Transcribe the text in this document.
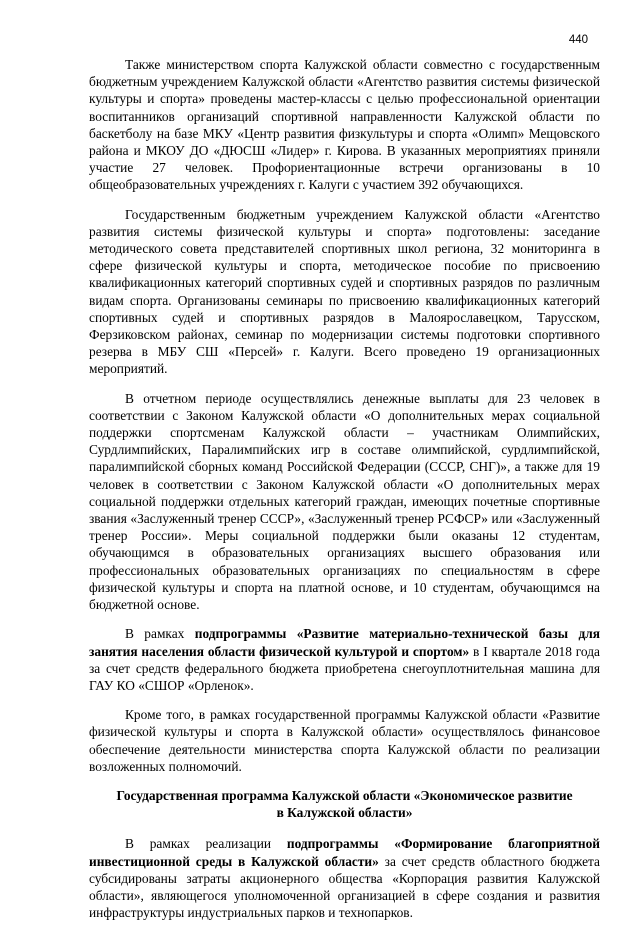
440

Также министерством спорта Калужской области совместно с государственным бюджетным учреждением Калужской области «Агентство развития системы физической культуры и спорта» проведены мастер-классы с целью профессиональной ориентации воспитанников организаций спортивной направленности Калужской области по баскетболу на базе МКУ «Центр развития физкультуры и спорта «Олимп» Мещовского района и МКОУ ДО «ДЮСШ «Лидер» г. Кирова. В указанных мероприятиях приняли участие 27 человек. Профориентационные встречи организованы в 10 общеобразовательных учреждениях г. Калуги с участием 392 обучающихся.

Государственным бюджетным учреждением Калужской области «Агентство развития системы физической культуры и спорта» подготовлены: заседание методического совета представителей спортивных школ региона, 32 мониторинга в сфере физической культуры и спорта, методическое пособие по присвоению квалификационных категорий спортивных судей и спортивных разрядов по различным видам спорта. Организованы семинары по присвоению квалификационных категорий спортивных судей и спортивных разрядов в Малоярославецком, Тарусском, Ферзиковском районах, семинар по модернизации системы подготовки спортивного резерва в МБУ СШ «Персей» г. Калуги. Всего проведено 19 организационных мероприятий.

В отчетном периоде осуществлялись денежные выплаты для 23 человек в соответствии с Законом Калужской области «О дополнительных мерах социальной поддержки спортсменам Калужской области – участникам Олимпийских, Сурдлимпийских, Паралимпийских игр в составе олимпийской, сурдлимпийской, паралимпийской сборных команд Российской Федерации (СССР, СНГ)», а также для 19 человек в соответствии с Законом Калужской области «О дополнительных мерах социальной поддержки отдельных категорий граждан, имеющих почетные спортивные звания «Заслуженный тренер СССР», «Заслуженный тренер РСФСР» или «Заслуженный тренер России». Меры социальной поддержки были оказаны 12 студентам, обучающимся в образовательных организациях высшего образования или профессиональных образовательных организациях по специальностям в сфере физической культуры и спорта на платной основе, и 10 студентам, обучающимся на бюджетной основе.

В рамках подпрограммы «Развитие материально-технической базы для занятия населения области физической культурой и спортом» в I квартале 2018 года за счет средств федерального бюджета приобретена снегоуплотнительная машина для ГАУ КО «СШОР «Орленок».

Кроме того, в рамках государственной программы Калужской области «Развитие физической культуры и спорта в Калужской области» осуществлялось финансовое обеспечение деятельности министерства спорта Калужской области по реализации возложенных полномочий.

Государственная программа Калужской области «Экономическое развитие в Калужской области»

В рамках реализации подпрограммы «Формирование благоприятной инвестиционной среды в Калужской области» за счет средств областного бюджета субсидированы затраты акционерного общества «Корпорация развития Калужской области», являющегося уполномоченной организацией в сфере создания и развития инфраструктуры индустриальных парков и технопарков.
